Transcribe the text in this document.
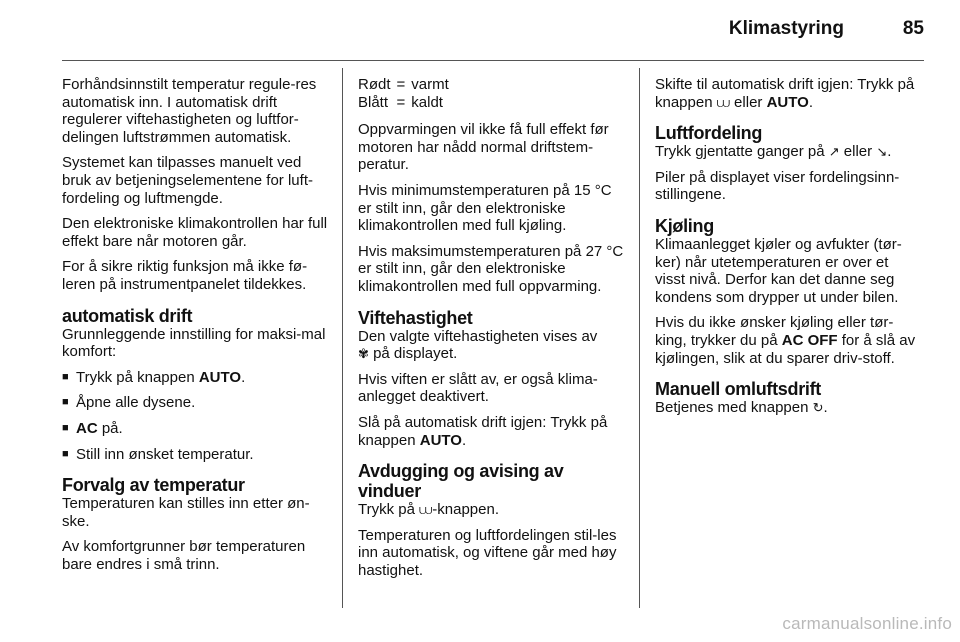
Klimastyring	85

Forhåndsinnstilt temperatur regule-res automatisk inn. I automatisk drift regulerer viftehastigheten og luftfor-delingen luftstrømmen automatisk.

Systemet kan tilpasses manuelt ved bruk av betjeningselementene for luft-fordeling og luftmengde.

Den elektroniske klimakontrollen har full effekt bare når motoren går.

For å sikre riktig funksjon må ikke fø-leren på instrumentpanelet tildekkes.

automatisk drift

Grunnleggende innstilling for maksi-mal komfort:

■ Trykk på knappen AUTO.
■ Åpne alle dysene.
■ AC på.
■ Still inn ønsket temperatur.
Forvalg av temperatur

Temperaturen kan stilles inn etter øn-ske.

Av komfortgrunner bør temperaturen bare endres i små trinn.

Rødt	=	varmt
Blått	=	kaldt

Oppvarmingen vil ikke få full effekt før motoren har nådd normal driftstem-peratur.

Hvis minimumstemperaturen på 15 °C er stilt inn, går den elektroniske klimakontrollen med full kjøling.

Hvis maksimumstemperaturen på 27 °C er stilt inn, går den elektroniske klimakontrollen med full oppvarming.

Viftehastighet

Den valgte viftehastigheten vises av
✾ på displayet.

Hvis viften er slått av, er også klima-anlegget deaktivert.

Slå på automatisk drift igjen: Trykk på knappen AUTO.

Avdugging og avising av vinduer

Trykk på ⩊-knappen.

Temperaturen og luftfordelingen stil-les inn automatisk, og viftene går med høy hastighet.

Skifte til automatisk drift igjen: Trykk på knappen ⩊ eller AUTO.

Luftfordeling

Trykk gjentatte ganger på ↗ eller ↘.

Piler på displayet viser fordelingsinn-stillingene.

Kjøling

Klimaanlegget kjøler og avfukter (tør-ker) når utetemperaturen er over et visst nivå. Derfor kan det danne seg kondens som drypper ut under bilen.

Hvis du ikke ønsker kjøling eller tør-king, trykker du på AC OFF for å slå av kjølingen, slik at du sparer driv-stoff.

Manuell omluftsdrift

Betjenes med knappen ↻.

carmanualsonline.info
